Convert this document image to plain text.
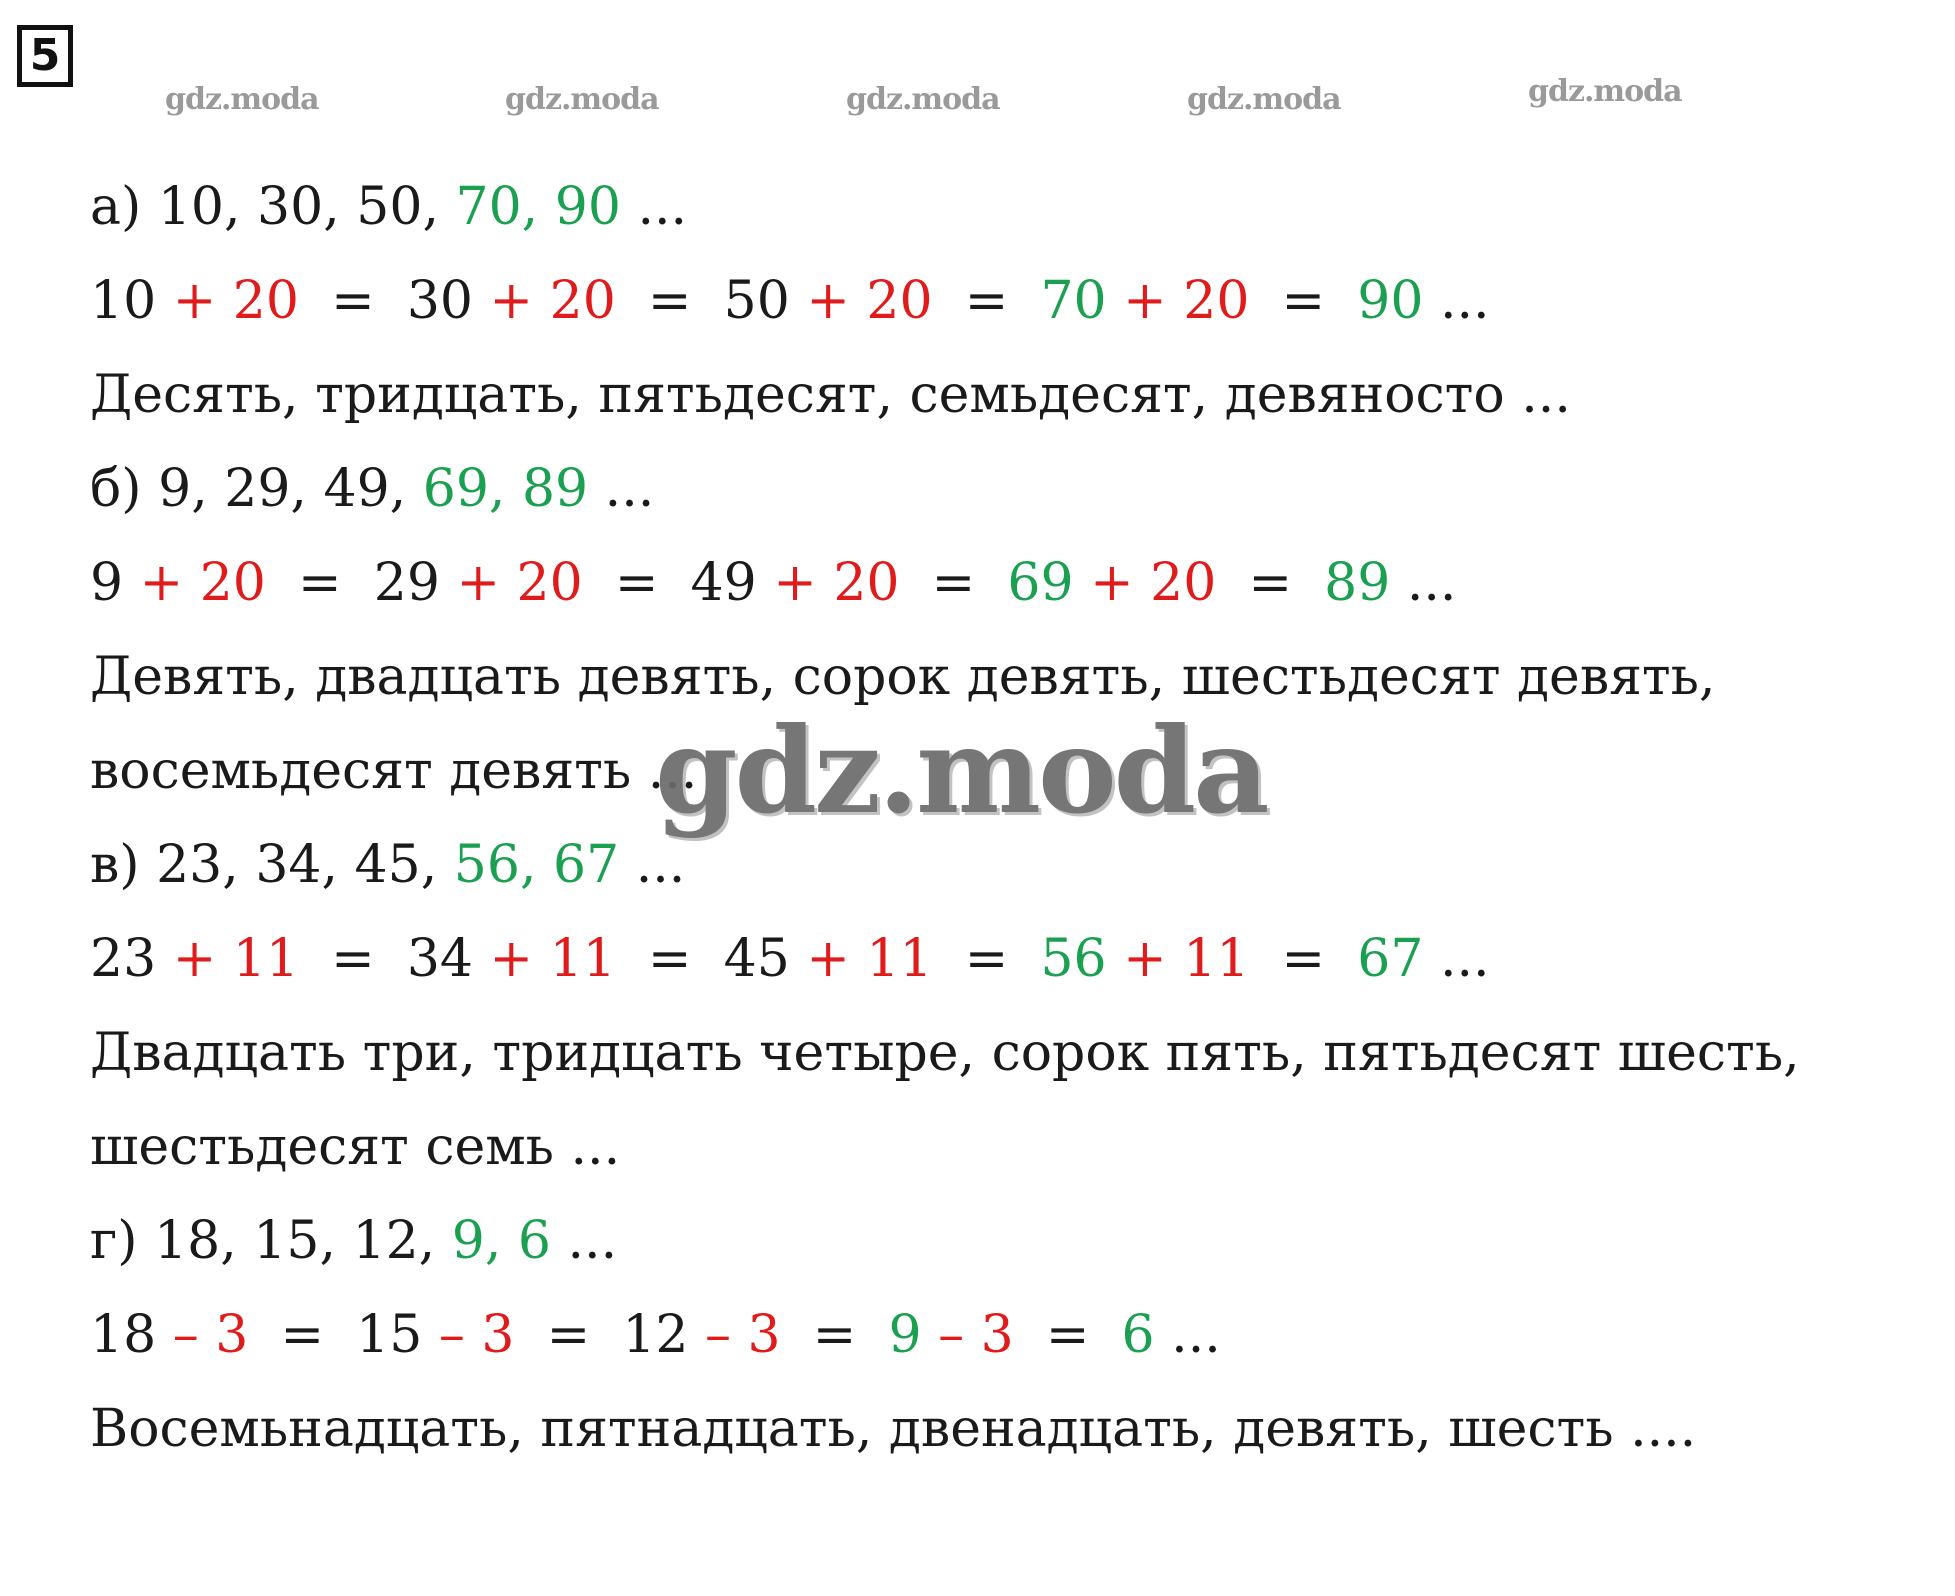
5
gdz.moda	gdz.moda	gdz.moda	gdz.moda	gdz.moda
а) 10, 30, 50, 70, 90 ...
10 + 20 = 30 + 20 = 50 + 20 = 70 + 20 = 90 ...
Десять, тридцать, пятьдесят, семьдесят, девяносто ...
б) 9, 29, 49, 69, 89 ...
9 + 20 = 29 + 20 = 49 + 20 = 69 + 20 = 89 ...
Девять, двадцать девять, сорок девять, шестьдесят девять,
восемьдесят девять ...
в) 23, 34, 45, 56, 67 ...
23 + 11 = 34 + 11 = 45 + 11 = 56 + 11 = 67 ...
Двадцать три, тридцать четыре, сорок пять, пятьдесят шесть,
шестьдесят семь ...
г) 18, 15, 12, 9, 6 ...
18 – 3 = 15 – 3 = 12 – 3 = 9 – 3 = 6 ...
Восемьнадцать, пятнадцать, двенадцать, девять, шесть ....
gdz.moda
